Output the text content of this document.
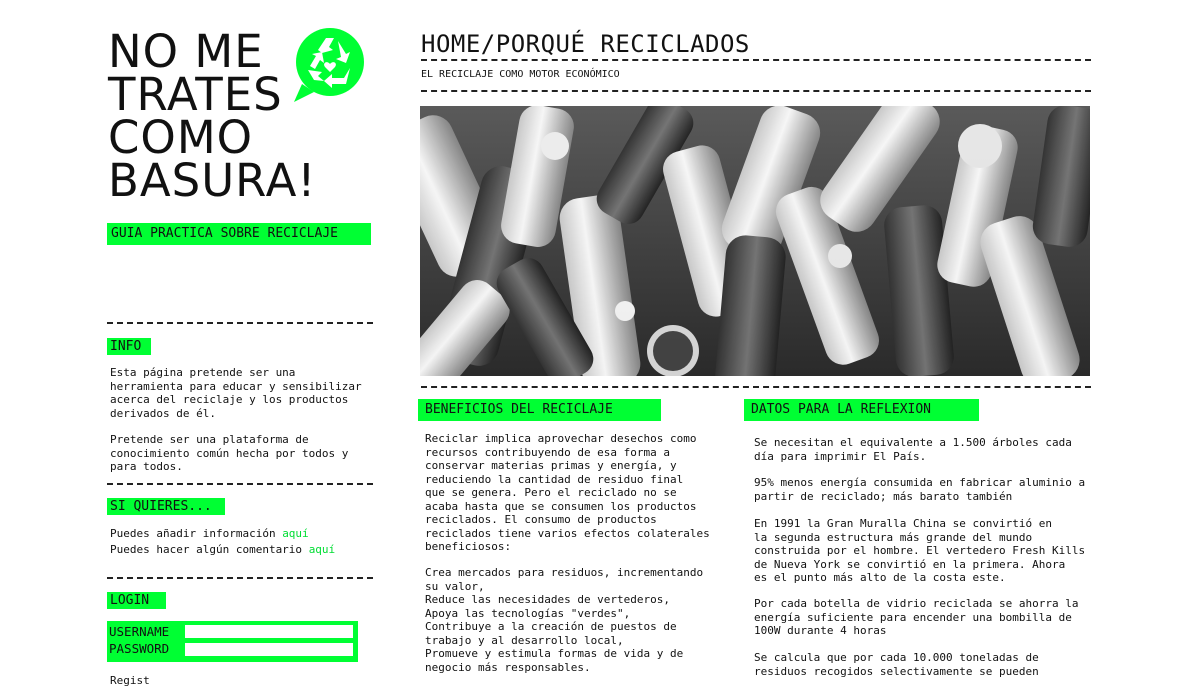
NO ME
TRATES
COMO
BASURA!
GUIA PRACTICA SOBRE RECICLAJE
INFO
Esta página pretende ser una
herramienta para educar y sensibilizar
acerca del reciclaje y los productos
derivados de él.
Pretende ser una plataforma de
conocimiento común hecha por todos y
para todos.
SI QUIERES...
Puedes añadir información aquí
Puedes hacer algún comentario aquí
LOGIN
USERNAME
PASSWORD
Regist
HOME/PORQUÉ RECICLADOS
EL RECICLAJE COMO MOTOR ECONÓMICO
BENEFICIOS DEL RECICLAJE
Reciclar implica aprovechar desechos como
recursos contribuyendo de esa forma a
conservar materias primas y energía, y
reduciendo la cantidad de residuo final
que se genera. Pero el reciclado no se
acaba hasta que se consumen los productos
reciclados. El consumo de productos
reciclados tiene varios efectos colaterales
beneficiosos:
Crea mercados para residuos, incrementando
su valor,
Reduce las necesidades de vertederos,
Apoya las tecnologías "verdes",
Contribuye a la creación de puestos de
trabajo y al desarrollo local,
Promueve y estimula formas de vida y de
negocio más responsables.
DATOS PARA LA REFLEXION
Se necesitan el equivalente a 1.500 árboles cada
día para imprimir El País.
95% menos energía consumida en fabricar aluminio a
partir de reciclado; más barato también
En 1991 la Gran Muralla China se convirtió en
la segunda estructura más grande del mundo
construida por el hombre. El vertedero Fresh Kills
de Nueva York se convirtió en la primera. Ahora
es el punto más alto de la costa este.
Por cada botella de vidrio reciclada se ahorra la
energía suficiente para encender una bombilla de
100W durante 4 horas
Se calcula que por cada 10.000 toneladas de
residuos recogidos selectivamente se pueden
